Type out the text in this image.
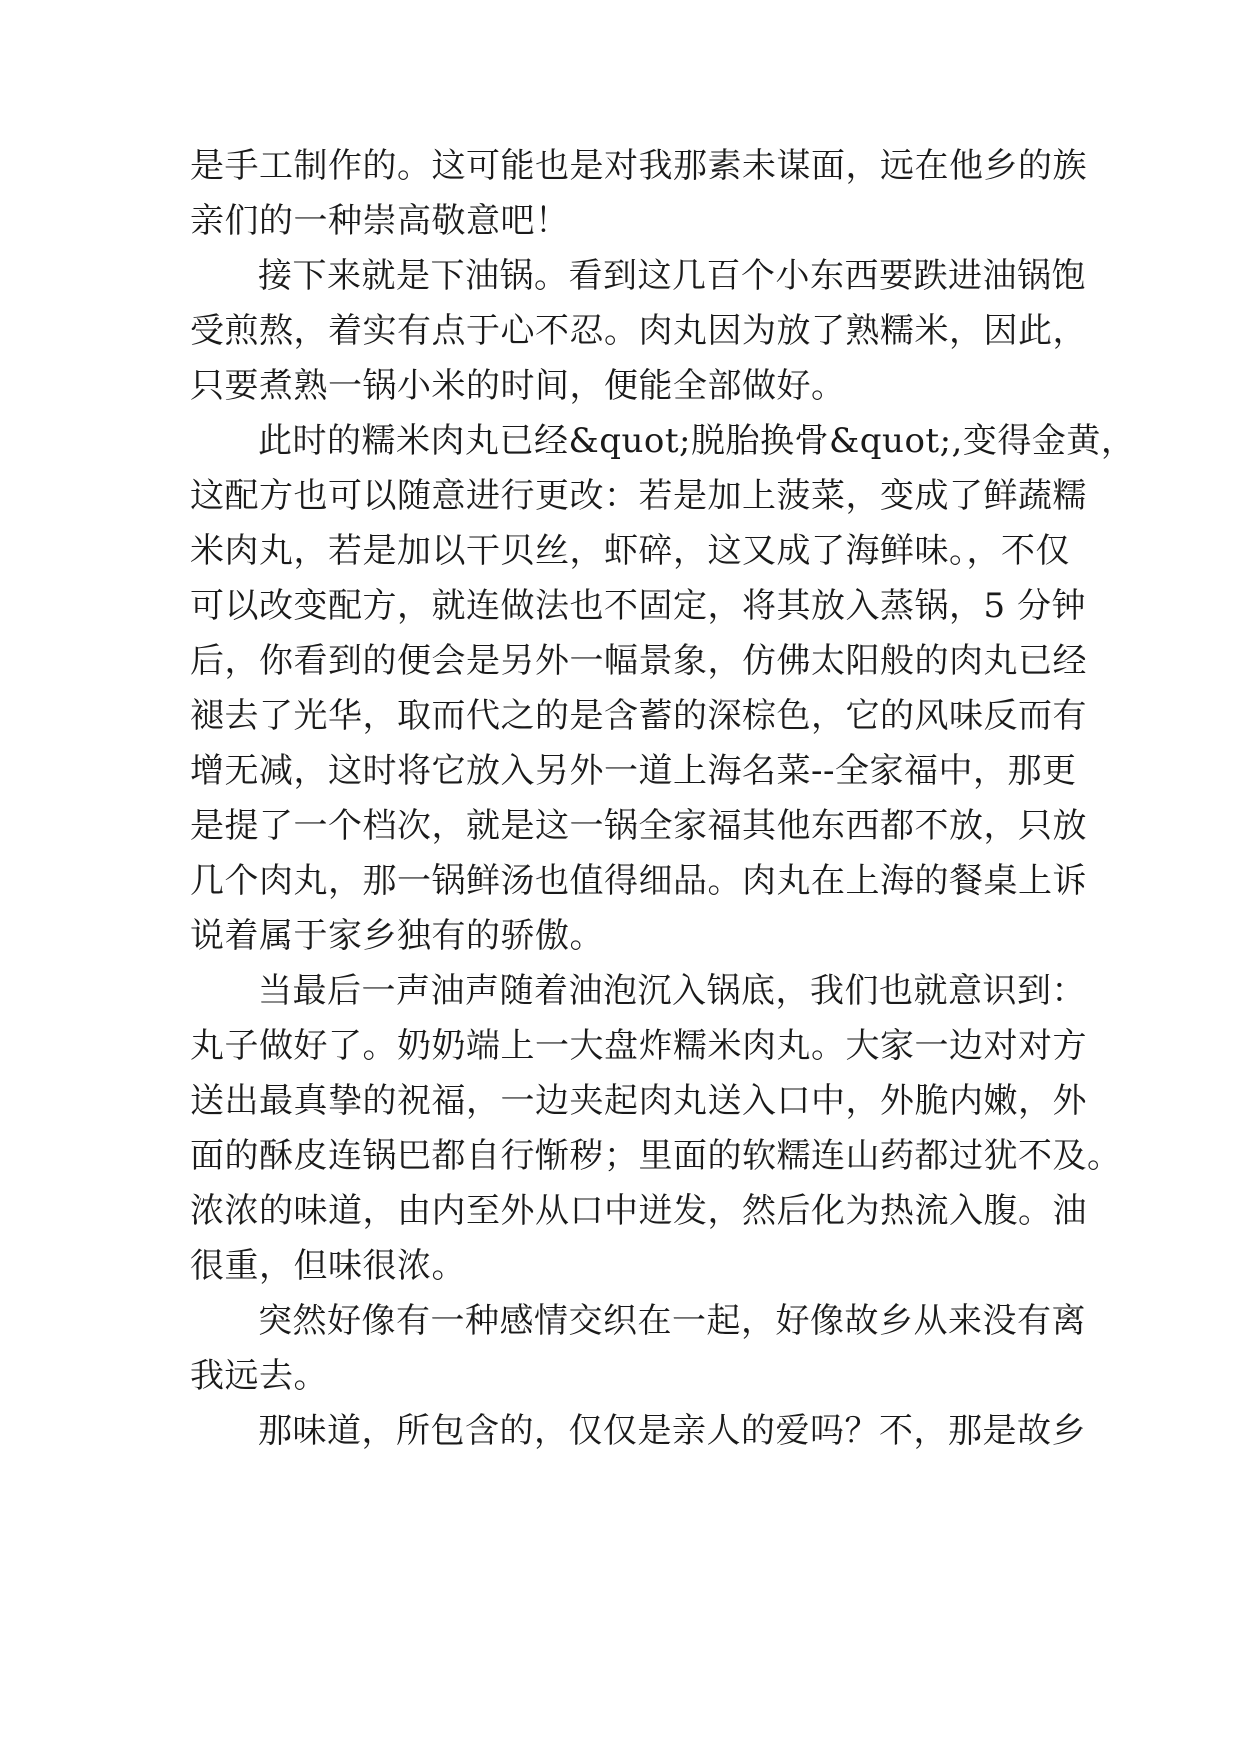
是手工制作的。这可能也是对我那素未谋面，远在他乡的族
亲们的一种崇高敬意吧！
接下来就是下油锅。看到这几百个小东西要跌进油锅饱
受煎熬，着实有点于心不忍。肉丸因为放了熟糯米，因此，
只要煮熟一锅小米的时间，便能全部做好。
此时的糯米肉丸已经&quot;脱胎换骨&quot;,变得金黄，
这配方也可以随意进行更改：若是加上菠菜，变成了鲜蔬糯
米肉丸，若是加以干贝丝，虾碎，这又成了海鲜味。，不仅
可以改变配方，就连做法也不固定，将其放入蒸锅，5 分钟
后，你看到的便会是另外一幅景象，仿佛太阳般的肉丸已经
褪去了光华，取而代之的是含蓄的深棕色，它的风味反而有
增无减，这时将它放入另外一道上海名菜--全家福中，那更
是提了一个档次，就是这一锅全家福其他东西都不放，只放
几个肉丸，那一锅鲜汤也值得细品。肉丸在上海的餐桌上诉
说着属于家乡独有的骄傲。
当最后一声油声随着油泡沉入锅底，我们也就意识到：
丸子做好了。奶奶端上一大盘炸糯米肉丸。大家一边对对方
送出最真挚的祝福，一边夹起肉丸送入口中，外脆内嫩，外
面的酥皮连锅巴都自行惭秽；里面的软糯连山药都过犹不及。
浓浓的味道，由内至外从口中迸发，然后化为热流入腹。油
很重，但味很浓。
突然好像有一种感情交织在一起，好像故乡从来没有离
我远去。
那味道，所包含的，仅仅是亲人的爱吗？不，那是故乡
